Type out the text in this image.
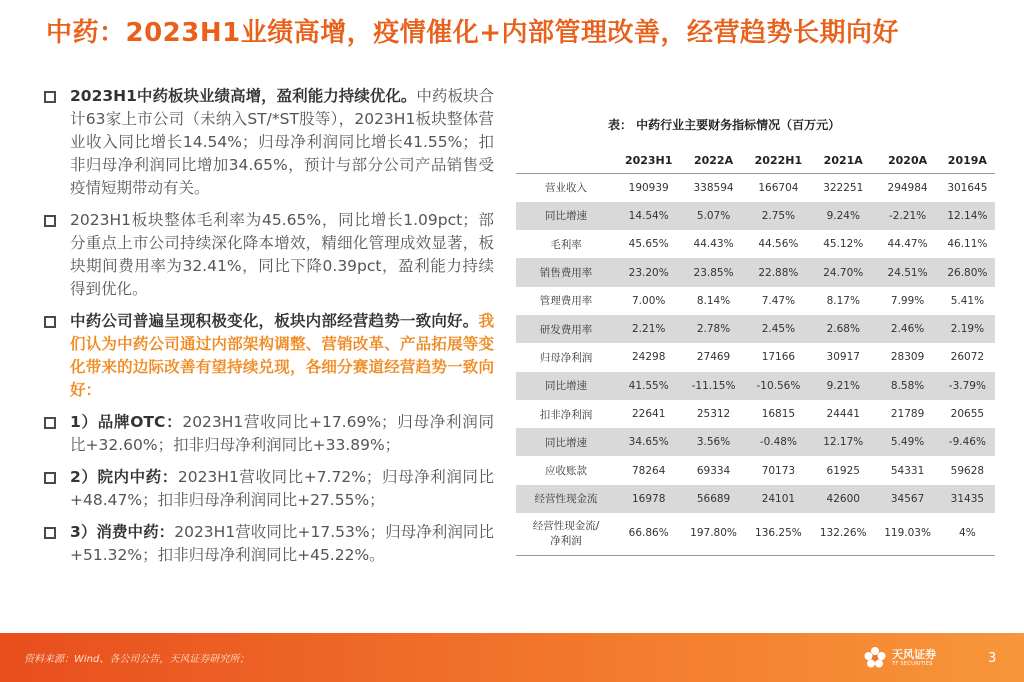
中药：2023H1业绩高增，疫情催化+内部管理改善，经营趋势长期向好

2023H1中药板块业绩高增，盈利能力持续优化。中药板块合计63家上市公司（未纳入ST/*ST股等），2023H1板块整体营业收入同比增长14.54%；归母净利润同比增长41.55%；扣非归母净利润同比增加34.65%，预计与部分公司产品销售受疫情短期带动有关。

2023H1板块整体毛利率为45.65%，同比增长1.09pct；部分重点上市公司持续深化降本增效，精细化管理成效显著，板块期间费用率为32.41%，同比下降0.39pct，盈利能力持续得到优化。

中药公司普遍呈现积极变化，板块内部经营趋势一致向好。我们认为中药公司通过内部架构调整、营销改革、产品拓展等变化带来的边际改善有望持续兑现，各细分赛道经营趋势一致向好：

1）品牌OTC：2023H1营收同比+17.69%；归母净利润同比+32.60%；扣非归母净利润同比+33.89%；

2）院内中药：2023H1营收同比+7.72%；归母净利润同比+48.47%；扣非归母净利润同比+27.55%；

3）消费中药：2023H1营收同比+17.53%；归母净利润同比+51.32%；扣非归母净利润同比+45.22%。

表： 中药行业主要财务指标情况（百万元）
	2023H1	2022A	2022H1	2021A	2020A	2019A
营业收入	190939	338594	166704	322251	294984	301645
同比增速	14.54%	5.07%	2.75%	9.24%	-2.21%	12.14%
毛利率	45.65%	44.43%	44.56%	45.12%	44.47%	46.11%
销售费用率	23.20%	23.85%	22.88%	24.70%	24.51%	26.80%
管理费用率	7.00%	8.14%	7.47%	8.17%	7.99%	5.41%
研发费用率	2.21%	2.78%	2.45%	2.68%	2.46%	2.19%
归母净利润	24298	27469	17166	30917	28309	26072
同比增速	41.55%	-11.15%	-10.56%	9.21%	8.58%	-3.79%
扣非净利润	22641	25312	16815	24441	21789	20655
同比增速	34.65%	3.56%	-0.48%	12.17%	5.49%	-9.46%
应收账款	78264	69334	70173	61925	54331	59628
经营性现金流	16978	56689	24101	42600	34567	31435
经营性现金流/
净利润	66.86%	197.80%	136.25%	132.26%	119.03%	4%
资料来源：Wind、各公司公告，天风证券研究所；	天风证券
TF SECURITIES	3
